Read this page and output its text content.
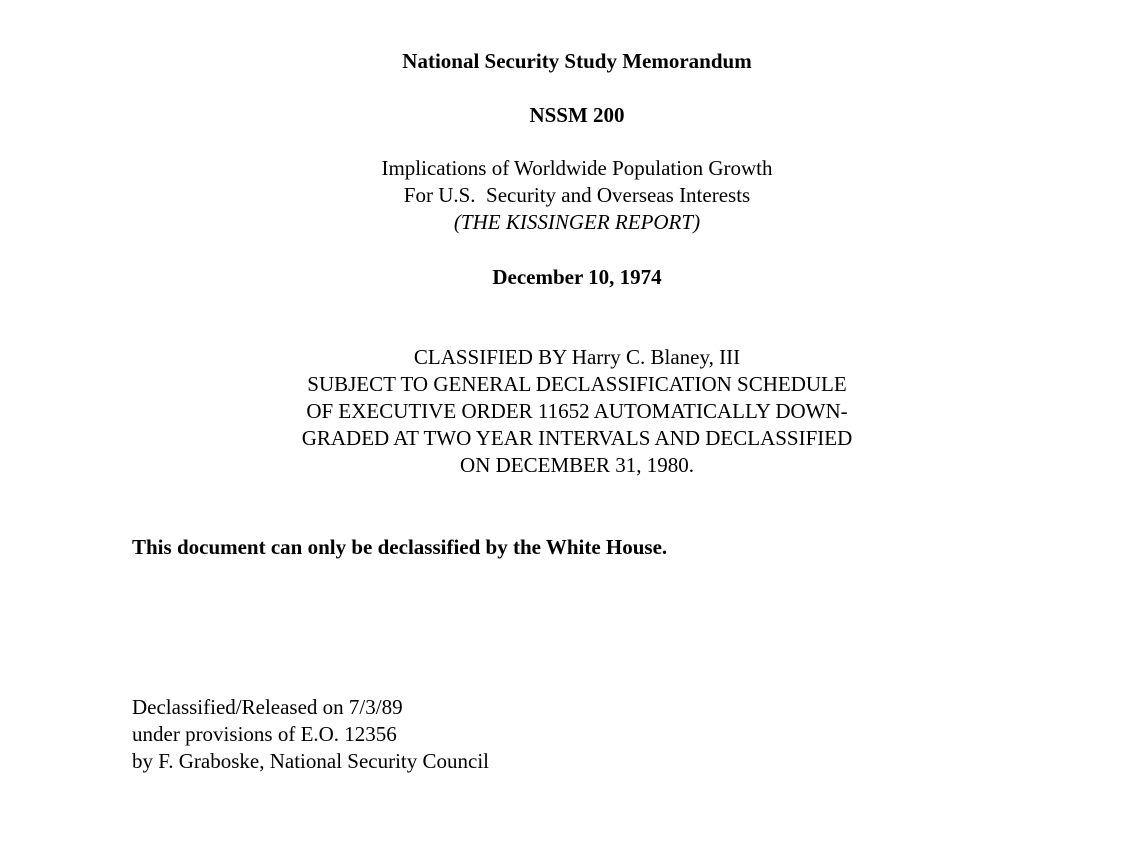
National Security Study Memorandum
NSSM 200
Implications of Worldwide Population Growth
For U.S.  Security and Overseas Interests
(THE KISSINGER REPORT)
December 10, 1974
CLASSIFIED BY Harry C. Blaney, III
SUBJECT TO GENERAL DECLASSIFICATION SCHEDULE
OF EXECUTIVE ORDER 11652 AUTOMATICALLY DOWN-
GRADED AT TWO YEAR INTERVALS AND DECLASSIFIED
ON DECEMBER 31, 1980.
This document can only be declassified by the White House.
Declassified/Released on 7/3/89
under provisions of E.O. 12356
by F. Graboske, National Security Council
